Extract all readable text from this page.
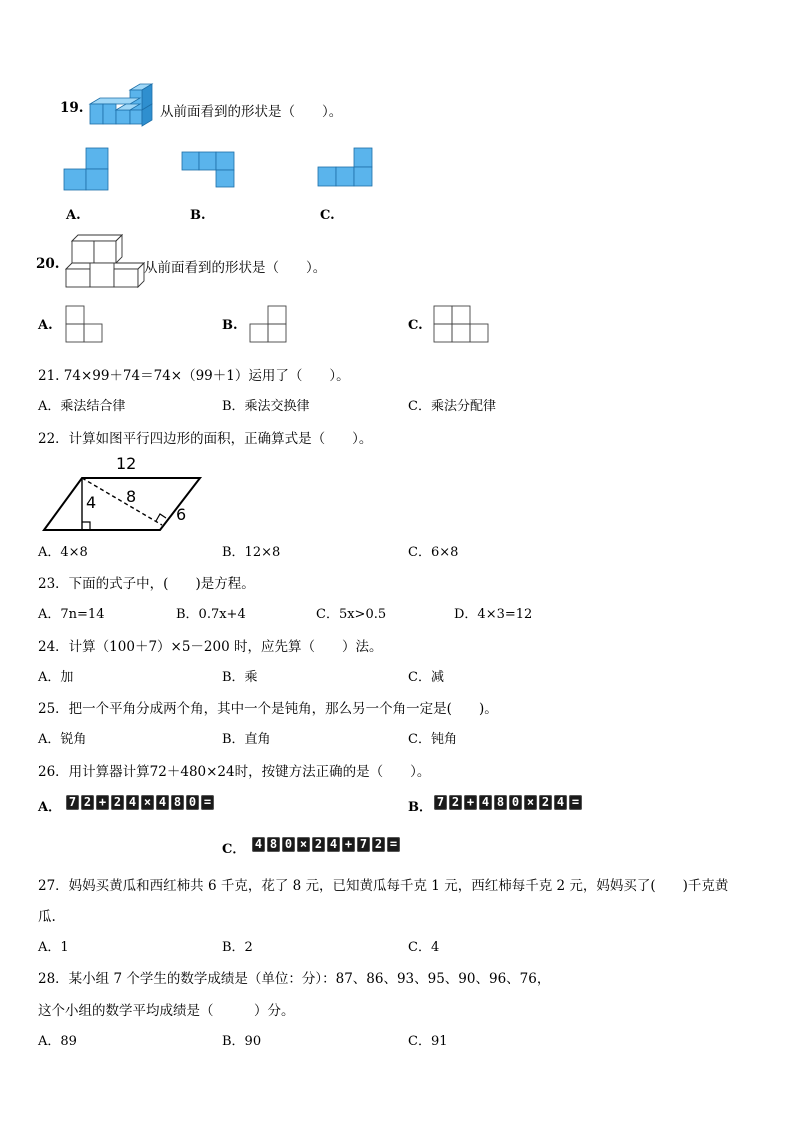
19.	从前面看到的形状是（　　）。
A.	B.	C.
20.	从前面看到的形状是（　　）。
A.	B.	C.
21. 74×99＋74＝74×（99＋1）运用了（　　）。
A．乘法结合律	B．乘法交换律	C．乘法分配律
22．计算如图平行四边形的面积，正确算式是（　　）。
12
4 8
6
A．4×8	B．12×8	C．6×8
23．下面的式子中，(　　)是方程。
A．7n=14	B．0.7x+4	C．5x>0.5	D．4×3=12
24．计算（100＋7）×5－200 时，应先算（　　）法。
A．加	B．乘	C．减
25．把一个平角分成两个角，其中一个是钝角，那么另一个角一定是(　　)。
A．锐角	B．直角	C．钝角
26．用计算器计算72＋480×24时，按键方法正确的是（　　）。
A． 7 2 + 2 4 × 4 8 0 =	B． 7 2 + 4 8 0 × 2 4 =
C． 4 8 0 × 2 4 + 7 2 =
27．妈妈买黄瓜和西红柿共 6 千克，花了 8 元，已知黄瓜每千克 1 元，西红柿每千克 2 元，妈妈买了(　　)千克黄
瓜.
A．1	B．2	C．4
28．某小组 7 个学生的数学成绩是（单位：分）：87、86、93、95、90、96、76，
这个小组的数学平均成绩是（　　　）分。
A．89	B．90	C．91
